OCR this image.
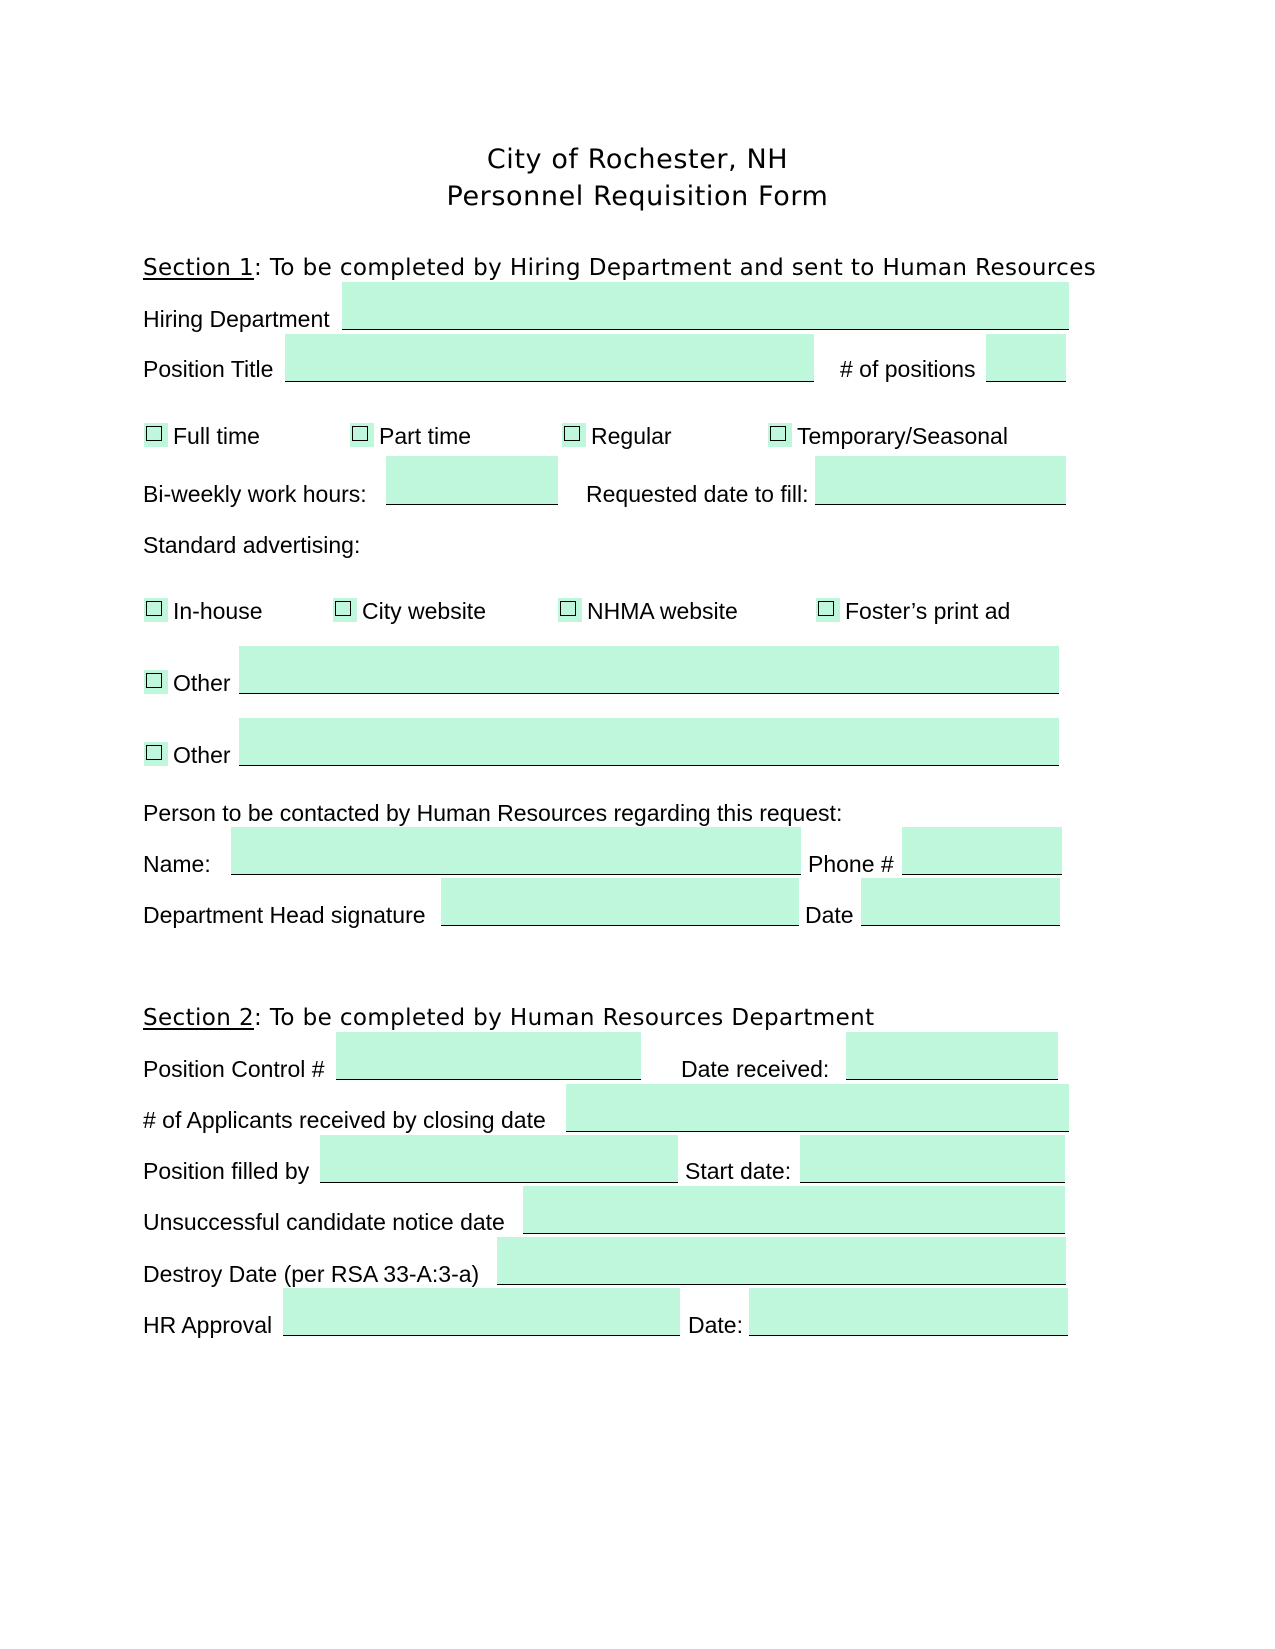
City of Rochester, NH
Personnel Requisition Form
Section 1: To be completed by Hiring Department and sent to Human Resources
Hiring Department
Position Title	# of positions
Full time	Part time	Regular	Temporary/Seasonal
Bi-weekly work hours:	Requested date to fill:
Standard advertising:
In-house	City website	NHMA website	Foster’s print ad
Other
Other
Person to be contacted by Human Resources regarding this request:
Name:	Phone #
Department Head signature	Date
Section 2: To be completed by Human Resources Department
Position Control #	Date received:
# of Applicants received by closing date
Position filled by	Start date:
Unsuccessful candidate notice date
Destroy Date (per RSA 33-A:3-a)
HR Approval	Date:
